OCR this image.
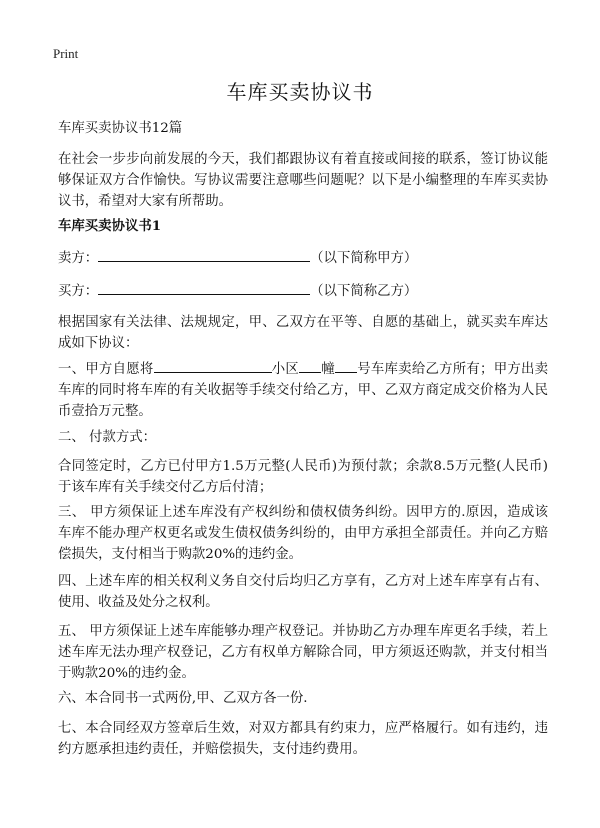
Print
车库买卖协议书

车库买卖协议书12篇

在社会一步步向前发展的今天，我们都跟协议有着直接或间接的联系，签订协议能够保证双方合作愉快。写协议需要注意哪些问题呢？以下是小编整理的车库买卖协议书，希望对大家有所帮助。

车库买卖协议书1

卖方：	（以下简称甲方）

买方：	（以下简称乙方）

根据国家有关法律、法规规定，甲、乙双方在平等、自愿的基础上，就买卖车库达成如下协议：

一、甲方自愿将	小区 幢 号车库卖给乙方所有；甲方出卖车库的同时将车库的有关收据等手续交付给乙方，甲、乙双方商定成交价格为人民币壹拾万元整。

二、 付款方式：

合同签定时，乙方已付甲方1.5万元整(人民币)为预付款；余款8.5万元整(人民币)于该车库有关手续交付乙方后付清；

三、 甲方须保证上述车库没有产权纠纷和债权债务纠纷。因甲方的.原因，造成该车库不能办理产权更名或发生债权债务纠纷的，由甲方承担全部责任。并向乙方赔偿损失，支付相当于购款20%的违约金。

四、上述车库的相关权利义务自交付后均归乙方享有，乙方对上述车库享有占有、使用、收益及处分之权利。

五、 甲方须保证上述车库能够办理产权登记。并协助乙方办理车库更名手续，若上述车库无法办理产权登记，乙方有权单方解除合同，甲方须返还购款，并支付相当于购款20%的违约金。

六、本合同书一式两份,甲、乙双方各一份.

七、本合同经双方签章后生效，对双方都具有约束力，应严格履行。如有违约，违约方愿承担违约责任，并赔偿损失，支付违约费用。
